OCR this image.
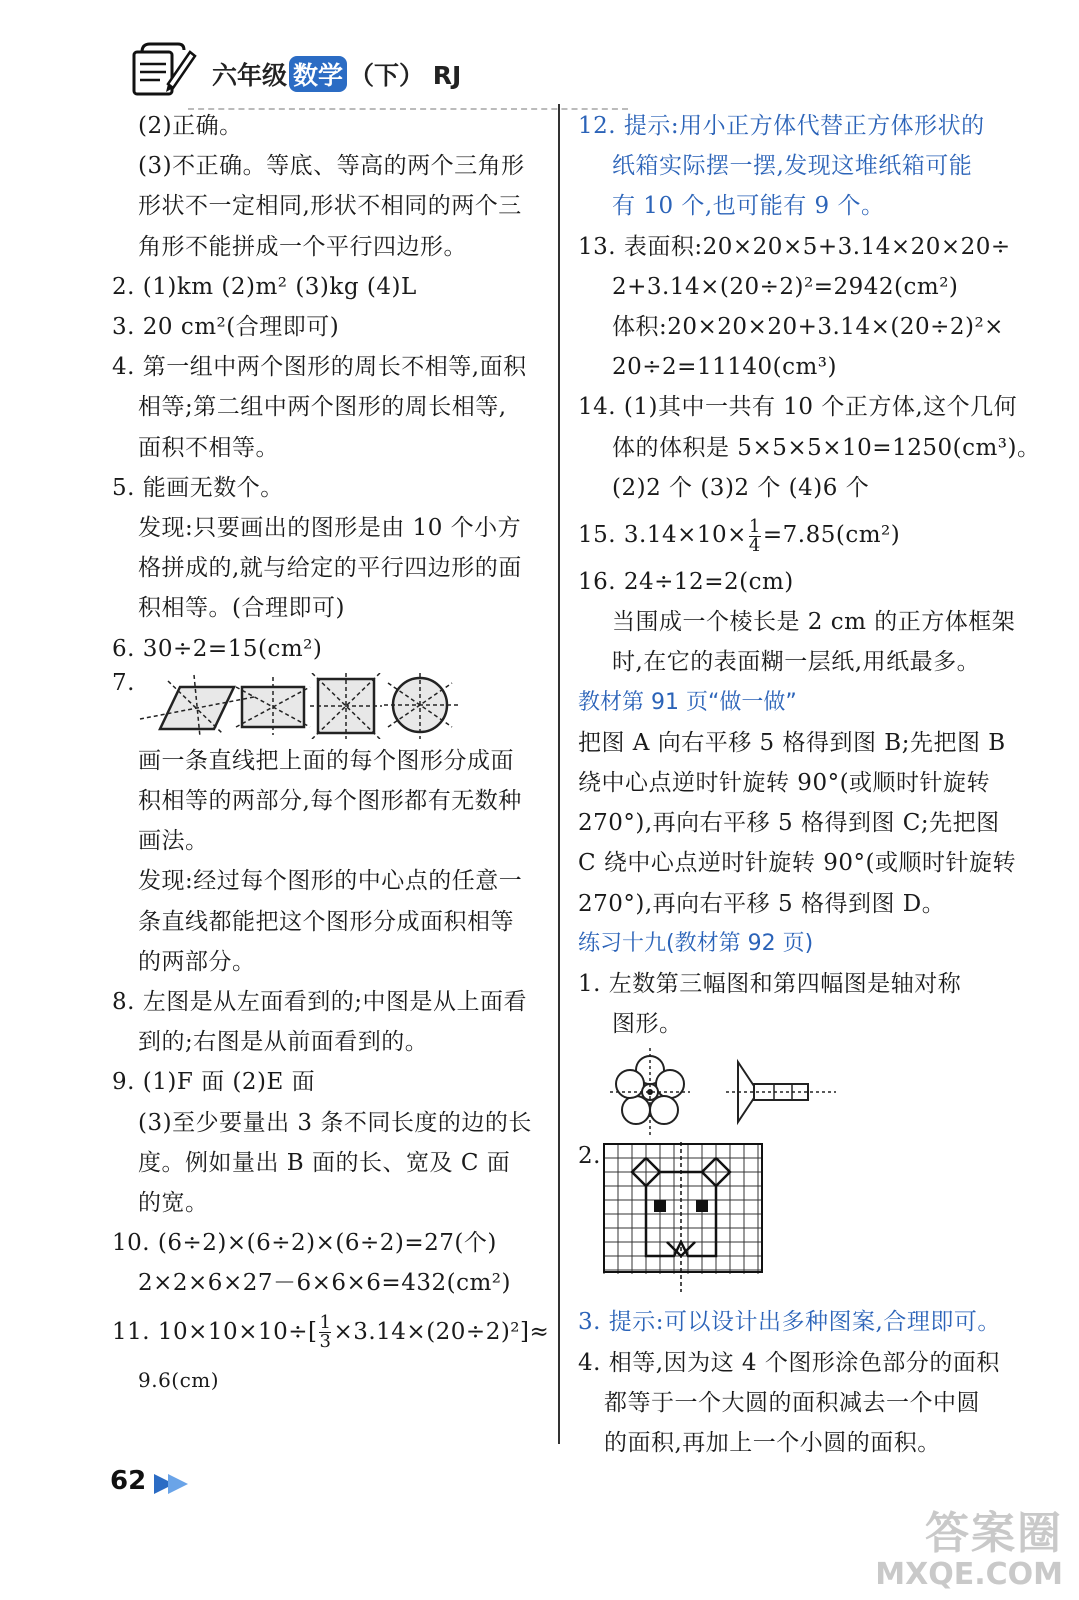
六年级 数学 （下） RJ
(2)正确。
(3)不正确。等底、等高的两个三角形
形状不一定相同,形状不相同的两个三
角形不能拼成一个平行四边形。
2. (1)km (2)m² (3)kg (4)L
3. 20 cm²(合理即可)
4. 第一组中两个图形的周长不相等,面积
相等;第二组中两个图形的周长相等,
面积不相等。
5. 能画无数个。
发现:只要画出的图形是由 10 个小方
格拼成的,就与给定的平行四边形的面
积相等。(合理即可)
6. 30÷2=15(cm²)
7.
画一条直线把上面的每个图形分成面
积相等的两部分,每个图形都有无数种
画法。
发现:经过每个图形的中心点的任意一
条直线都能把这个图形分成面积相等
的两部分。
8. 左图是从左面看到的;中图是从上面看
到的;右图是从前面看到的。
9. (1)F 面 (2)E 面
(3)至少要量出 3 条不同长度的边的长
度。例如量出 B 面的长、宽及 C 面
的宽。
10. (6÷2)×(6÷2)×(6÷2)=27(个)
2×2×6×27－6×6×6=432(cm²)
11. $10\times 10\times 10\div[ \frac{1}{3} \times 3.14\times(20\div 2)^2]\approx$
9.6(cm)
12. 提示:用小正方体代替正方体形状的
纸箱实际摆一摆,发现这堆纸箱可能
有 10 个,也可能有 9 个。
13. 表面积:20×20×5+3.14×20×20÷
2+3.14×(20÷2)²=2942(cm²)
体积:20×20×20+3.14×(20÷2)²×
20÷2=11140(cm³)
14. (1)其中一共有 10 个正方体,这个几何
体的体积是 5×5×5×10=1250(cm³)。
(2)2 个 (3)2 个 (4)6 个
15. $3.14\times 10\times \frac{1}{4} =7.85(cm^2)$
16. 24÷12=2(cm)
当围成一个棱长是 2 cm 的正方体框架
时,在它的表面糊一层纸,用纸最多。
教材第 91 页“做一做”
把图 A 向右平移 5 格得到图 B;先把图 B
绕中心点逆时针旋转 90°(或顺时针旋转
270°),再向右平移 5 格得到图 C;先把图
C 绕中心点逆时针旋转 90°(或顺时针旋转
270°),再向右平移 5 格得到图 D。
练习十九(教材第 92 页)
1. 左数第三幅图和第四幅图是轴对称
图形。
2.
3. 提示:可以设计出多种图案,合理即可。
4. 相等,因为这 4 个图形涂色部分的面积
都等于一个大圆的面积减去一个中圆
的面积,再加上一个小圆的面积。
62
答案圈
MXQE.COM
